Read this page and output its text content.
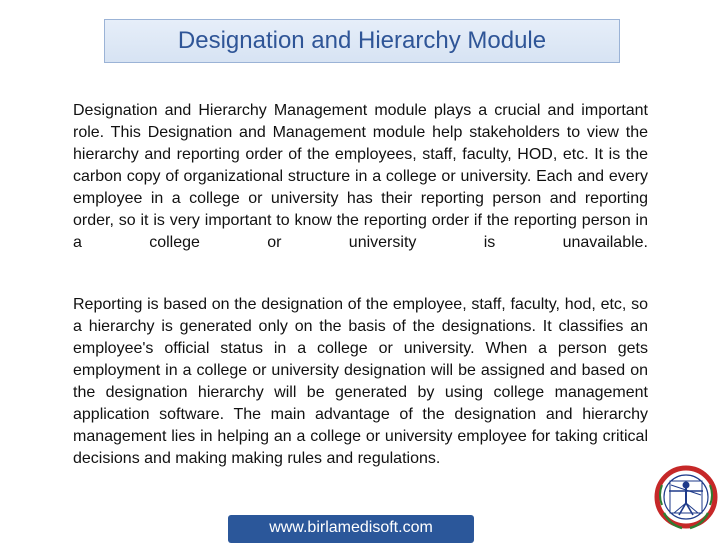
Designation and Hierarchy Module

Designation and Hierarchy Management module plays a crucial and important role. This Designation and Management module help stakeholders to view the hierarchy and reporting order of the employees, staff, faculty, HOD, etc. It is the carbon copy of organizational structure in a college or university. Each and every employee in a college or university has their reporting person and reporting order, so it is very important to know the reporting order if the reporting person in a college or university is unavailable.

Reporting is based on the designation of the employee, staff, faculty, hod, etc, so a hierarchy is generated only on the basis of the designations. It classifies an employee's official status in a college or university. When a person gets employment in a college or university designation will be assigned and based on the designation hierarchy will be generated by using college management application software. The main advantage of the designation and hierarchy management lies in helping an a college or university employee for taking critical decisions and making making rules and regulations.

www.birlamedisoft.com
